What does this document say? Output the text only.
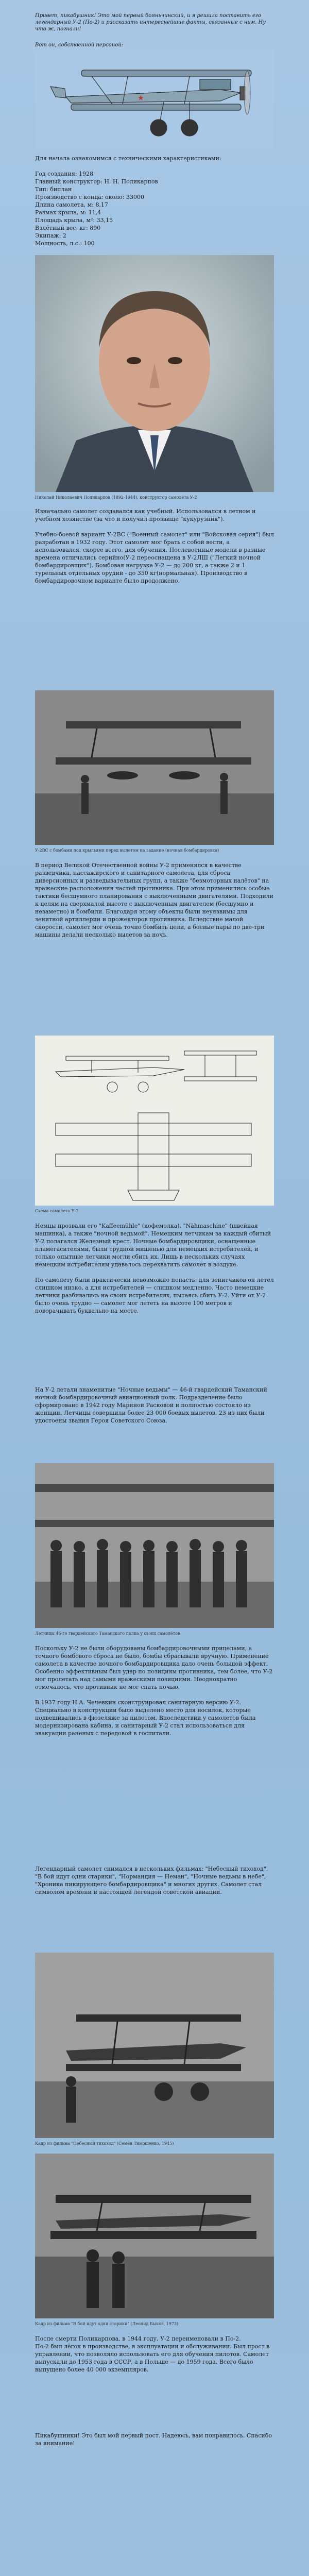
Привет, пикабушник! Это мой первый бояньчинский, и я решила поставить его легендарный У-2 (По-2) и рассказать интереснейшие факты, связанные с ним. Ну что ж, погнали!
Вот он, собственной персоной:
★
Для начала ознакомимся с техническими характеристиками:
Год создания: 1928
Главный конструктор: Н. Н. Поликарпов
Тип: биплан
Производство с конца: около: 33000
Длина самолета, м: 8,17
Размах крыла, м: 11,4
Площадь крыла, м²: 33,15
Взлётный вес, кг: 890
Экипаж: 2
Мощность, л.с.: 100
Николай Николаевич Поликарпов (1892-1944), конструктор самолёта У-2
Изначально самолет создавался как учебный. Использовался в летном и учебном хозяйстве (за что и получил прозвище "кукурузник").

Учебно-боевой вариант У-2ВС ("Военный самолет" или "Войсковая серия") был разработан в 1932 году. Этот самолет мог брать с собой вести, а использовался, скорее всего, для обучения. Послевоенные модели в разные времена отличались серийно(У-2 переоснащена в У-2ЛШ ("Легкий ночной бомбардировщик"). Бомбовая нагрузка У-2 — до 200 кг, а также 2 и 1 турельных отдельных орудий - до 350 кг(нормальная). Производство в бомбардировочном варианте было продолжено.
У-2ВС с бомбами под крыльями перед вылетом на задание (ночная бомбардировка)
В период Великой Отечественной войны У-2 применялся в качестве разведчика, пассажирского и санитарного самолета, для сброса диверсионных и разведывательных групп, а также "безмоторных налётов" на вражеские расположения частей противника. При этом применялись особые тактики бесшумного планирования с выключенными двигателями. Подходили к целям на сверхмалой высоте с выключенным двигателем (бесшумно и незаметно) и бомбили. Благодаря этому объекты были неуязвимы для зенитной артиллерии и прожекторов противника. Вследствие малой скорости, самолет мог очень точно бомбить цели, а боевые пары по две-три машины делали несколько вылетов за ночь.
Схема самолета У-2
Немцы прозвали его "Kaffeemühle" (кофемолка), "Nähmaschine" (швейная машинка), а также "ночной ведьмой". Немецким летчикам за каждый сбитый У-2 полагался Железный крест. Ночные бомбардировщики, оснащенные пламегасителями, были трудной мишенью для немецких истребителей, и только опытные летчики могли сбить их. Лишь в нескольких случаях немецким истребителям удавалось перехватить самолет в воздухе.

По самолету были практически невозможно попасть: для зенитчиков он летел слишком низко, а для истребителей — слишком медленно. Часто немецкие летчики разбивались на своих истребителях, пытаясь сбить У-2. Уйти от У-2 было очень трудно — самолет мог лететь на высоте 100 метров и поворачивать буквально на месте.
На У-2 летали знаменитые "Ночные ведьмы" — 46-й гвардейский Таманский ночной бомбардировочный авиационный полк. Подразделение было сформировано в 1942 году Мариной Расковой и полностью состояло из женщин. Летчицы совершили более 23 000 боевых вылетов, 23 из них были удостоены звания Героя Советского Союза.
Летчицы 46-го гвардейского Таманского полка у своих самолётов
Поскольку У-2 не были оборудованы бомбардировочными прицелами, а точного бомбового сброса не было, бомбы сбрасывали вручную. Применение самолета в качестве ночного бомбардировщика дало очень большой эффект. Особенно эффективным был удар по позициям противника, тем более, что У-2 мог пролетать над самыми вражескими позициями. Неоднократно отмечалось, что противник не мог спать ночью.

В 1937 году Н.А. Чечевкин сконструировал санитарную версию У-2. Специально в конструкции было выделено место для носилок, которые подвешивались в фюзеляже за пилотом. Впоследствии у самолетов была модернизирована кабина, и санитарный У-2 стал использоваться для эвакуации раненых с передовой в госпитали.
Легендарный самолет снимался в нескольких фильмах: "Небесный тихоход", "В бой идут одни старики", "Нормандия — Неман", "Ночные ведьмы в небе", "Хроника пикирующего бомбардировщика" и многих других. Самолет стал символом времени и настоящей легендой советской авиации.
Кадр из фильма "Небесный тихоход" (Семён Тимошенко, 1945)
Кадр из фильма "В бой идут одни старики" (Леонид Быков, 1973)
После смерти Поликарпова, в 1944 году, У-2 переименовали в По-2.
По-2 был лёгок в производстве, в эксплуатации и обслуживании. Был прост в управлении, что позволяло использовать его для обучения пилотов. Самолет выпускали до 1953 года в СССР, а в Польше — до 1959 года. Всего было выпущено более 40 000 экземпляров.
Пикабушники! Это был мой первый пост. Надеюсь, вам понравилось. Спасибо за внимание!
